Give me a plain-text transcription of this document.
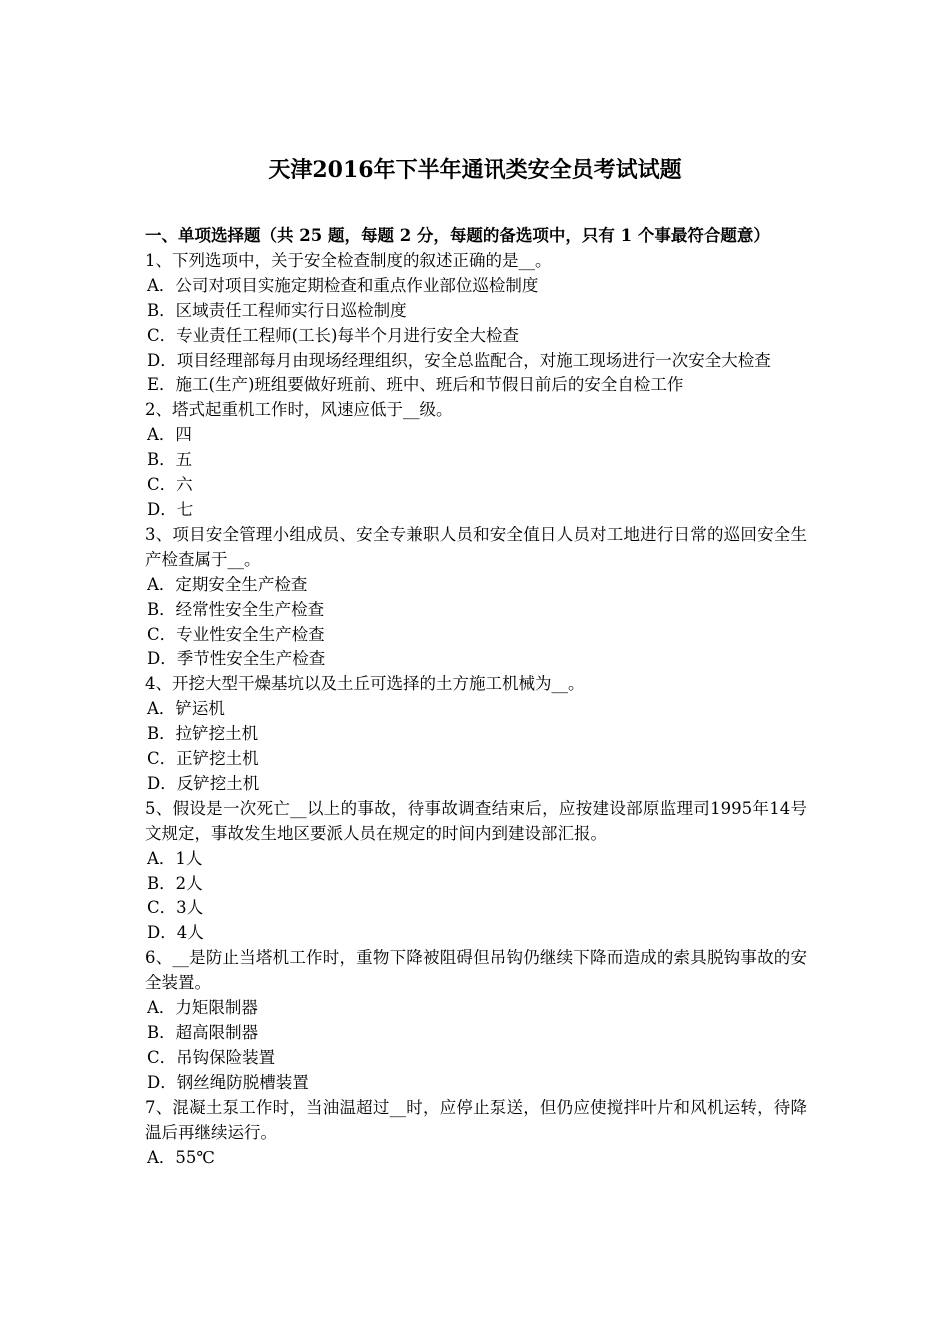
天津2016年下半年通讯类安全员考试试题

一、单项选择题（共 25 题，每题 2 分，每题的备选项中，只有 1 个事最符合题意）

1、下列选项中，关于安全检查制度的叙述正确的是__。

A．公司对项目实施定期检查和重点作业部位巡检制度

B．区域责任工程师实行日巡检制度

C．专业责任工程师(工长)每半个月进行安全大检查

D．项目经理部每月由现场经理组织，安全总监配合，对施工现场进行一次安全大检查

E．施工(生产)班组要做好班前、班中、班后和节假日前后的安全自检工作

2、塔式起重机工作时，风速应低于__级。

A．四

B．五

C．六

D．七

3、项目安全管理小组成员、安全专兼职人员和安全值日人员对工地进行日常的巡回安全生产检查属于__。

A．定期安全生产检查

B．经常性安全生产检查

C．专业性安全生产检查

D．季节性安全生产检查

4、开挖大型干燥基坑以及土丘可选择的土方施工机械为__。

A．铲运机

B．拉铲挖土机

C．正铲挖土机

D．反铲挖土机

5、假设是一次死亡__以上的事故，待事故调查结束后，应按建设部原监理司1995年14号文规定，事故发生地区要派人员在规定的时间内到建设部汇报。

A．1人

B．2人

C．3人

D．4人

6、__是防止当塔机工作时，重物下降被阻碍但吊钩仍继续下降而造成的索具脱钩事故的安全装置。

A．力矩限制器

B．超高限制器

C．吊钩保险装置

D．钢丝绳防脱槽装置

7、混凝土泵工作时，当油温超过__时，应停止泵送，但仍应使搅拌叶片和风机运转，待降温后再继续运行。

A．55℃
